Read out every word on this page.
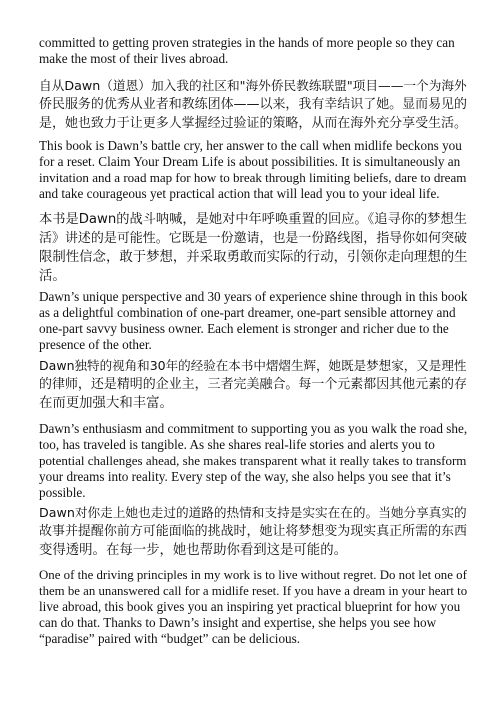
committed to getting proven strategies in the hands of more people so they can
make the most of their lives abroad.

自从Dawn（道恩）加入我的社区和"海外侨民教练联盟"项目——一个为海外
侨民服务的优秀从业者和教练团体——以来，我有幸结识了她。显而易见的
是，她也致力于让更多人掌握经过验证的策略，从而在海外充分享受生活。

This book is Dawn’s battle cry, her answer to the call when midlife beckons you
for a reset. Claim Your Dream Life is about possibilities. It is simultaneously an
invitation and a road map for how to break through limiting beliefs, dare to dream
and take courageous yet practical action that will lead you to your ideal life.

本书是Dawn的战斗呐喊，是她对中年呼唤重置的回应。《追寻你的梦想生
活》讲述的是可能性。它既是一份邀请，也是一份路线图，指导你如何突破
限制性信念，敢于梦想，并采取勇敢而实际的行动，引领你走向理想的生
活。

Dawn’s unique perspective and 30 years of experience shine through in this book
as a delightful combination of one-part dreamer, one-part sensible attorney and
one-part savvy business owner. Each element is stronger and richer due to the
presence of the other.

Dawn独特的视角和30年的经验在本书中熠熠生辉，她既是梦想家，又是理性
的律师，还是精明的企业主，三者完美融合。每一个元素都因其他元素的存
在而更加强大和丰富。

Dawn’s enthusiasm and commitment to supporting you as you walk the road she,
too, has traveled is tangible. As she shares real-life stories and alerts you to
potential challenges ahead, she makes transparent what it really takes to transform
your dreams into reality. Every step of the way, she also helps you see that it’s
possible.

Dawn对你走上她也走过的道路的热情和支持是实实在在的。当她分享真实的
故事并提醒你前方可能面临的挑战时，她让将梦想变为现实真正所需的东西
变得透明。在每一步，她也帮助你看到这是可能的。

One of the driving principles in my work is to live without regret. Do not let one of
them be an unanswered call for a midlife reset. If you have a dream in your heart to
live abroad, this book gives you an inspiring yet practical blueprint for how you
can do that. Thanks to Dawn’s insight and expertise, she helps you see how
“paradise” paired with “budget” can be delicious.
